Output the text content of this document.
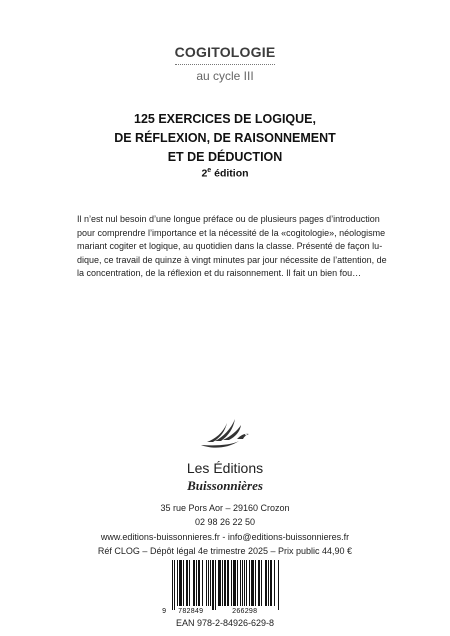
COGITOLOGIE
au cycle III
125 EXERCICES DE LOGIQUE,
DE RÉFLEXION, DE RAISONNEMENT
ET DE DÉDUCTION
2e édition
Il n’est nul besoin d’une longue préface ou de plusieurs pages d’introduction
pour comprendre l’importance et la nécessité de la «cogitologie», néologisme
mariant cogiter et logique, au quotidien dans la classe. Présenté de façon lu-
dique, ce travail de quinze à vingt minutes par jour nécessite de l’attention, de
la concentration, de la réflexion et du raisonnement. Il fait un bien fou…
Les Éditions
Buissonnières
35 rue Pors Aor – 29160 Crozon
02 98 26 22 50
www.editions-buissonnieres.fr - info@editions-buissonnieres.fr
Réf CLOG – Dépôt légal 4e trimestre 2025 – Prix public 44,90 €
9 782849	266298
EAN 978-2-84926-629-8
